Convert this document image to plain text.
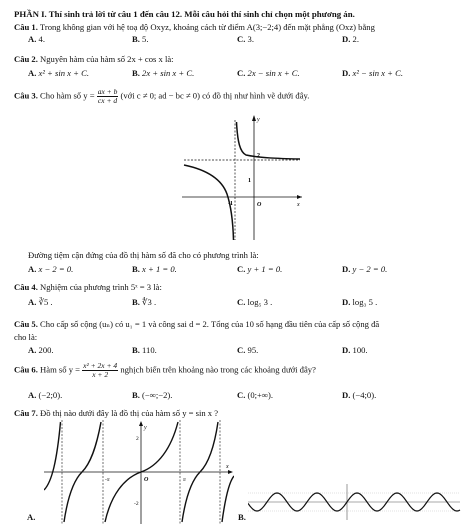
PHẦN I. Thí sinh trả lời từ câu 1 đến câu 12. Mỗi câu hỏi thí sinh chỉ chọn một phương án.
Câu 1. Trong không gian với hệ toạ độ Oxyz, khoảng cách từ điểm A(3;−2;4) đến mặt phẳng (Oxz) bằng
A. 4.	B. 5.	C. 3.	D. 2.
Câu 2. Nguyên hàm của hàm số 2x + cos x là:
A. x² + sin x + C.	B. 2x + sin x + C.	C. 2x − sin x + C.	D. x² − sin x + C.
Câu 3. Cho hàm số $y = \frac{ax + b}{cx + d}$ (với c ≠ 0; ad − bc ≠ 0) có đồ thị như hình vẽ dưới đây.
y
x
O
2
1
-1
Đường tiệm cận đứng của đồ thị hàm số đã cho có phương trình là:
A. x − 2 = 0.	B. x + 1 = 0.	C. y + 1 = 0.	D. y − 2 = 0.
Câu 4. Nghiệm của phương trình 5ˣ = 3 là:
A. ∛5 .	B. ∜3 .	C. log₅ 3 .	D. log₃ 5 .
Câu 5. Cho cấp số cộng (uₙ) có u₁ = 1 và công sai d = 2. Tổng của 10 số hạng đầu tiên của cấp số cộng đã
cho là:
A. 200.	B. 110.	C. 95.	D. 100.
Câu 6. Hàm số $y = \frac{\text{x² + 2x + 4}}{x + 2}$ nghịch biến trên khoảng nào trong các khoảng dưới đây?
A. (−2;0).	B. (−∞;−2).	C. (0;+∞).	D. (−4;0).
Câu 7. Đồ thị nào dưới đây là đồ thị của hàm số y = sin x ?
y
x
2
-2
O	π
-π
A.	B.
